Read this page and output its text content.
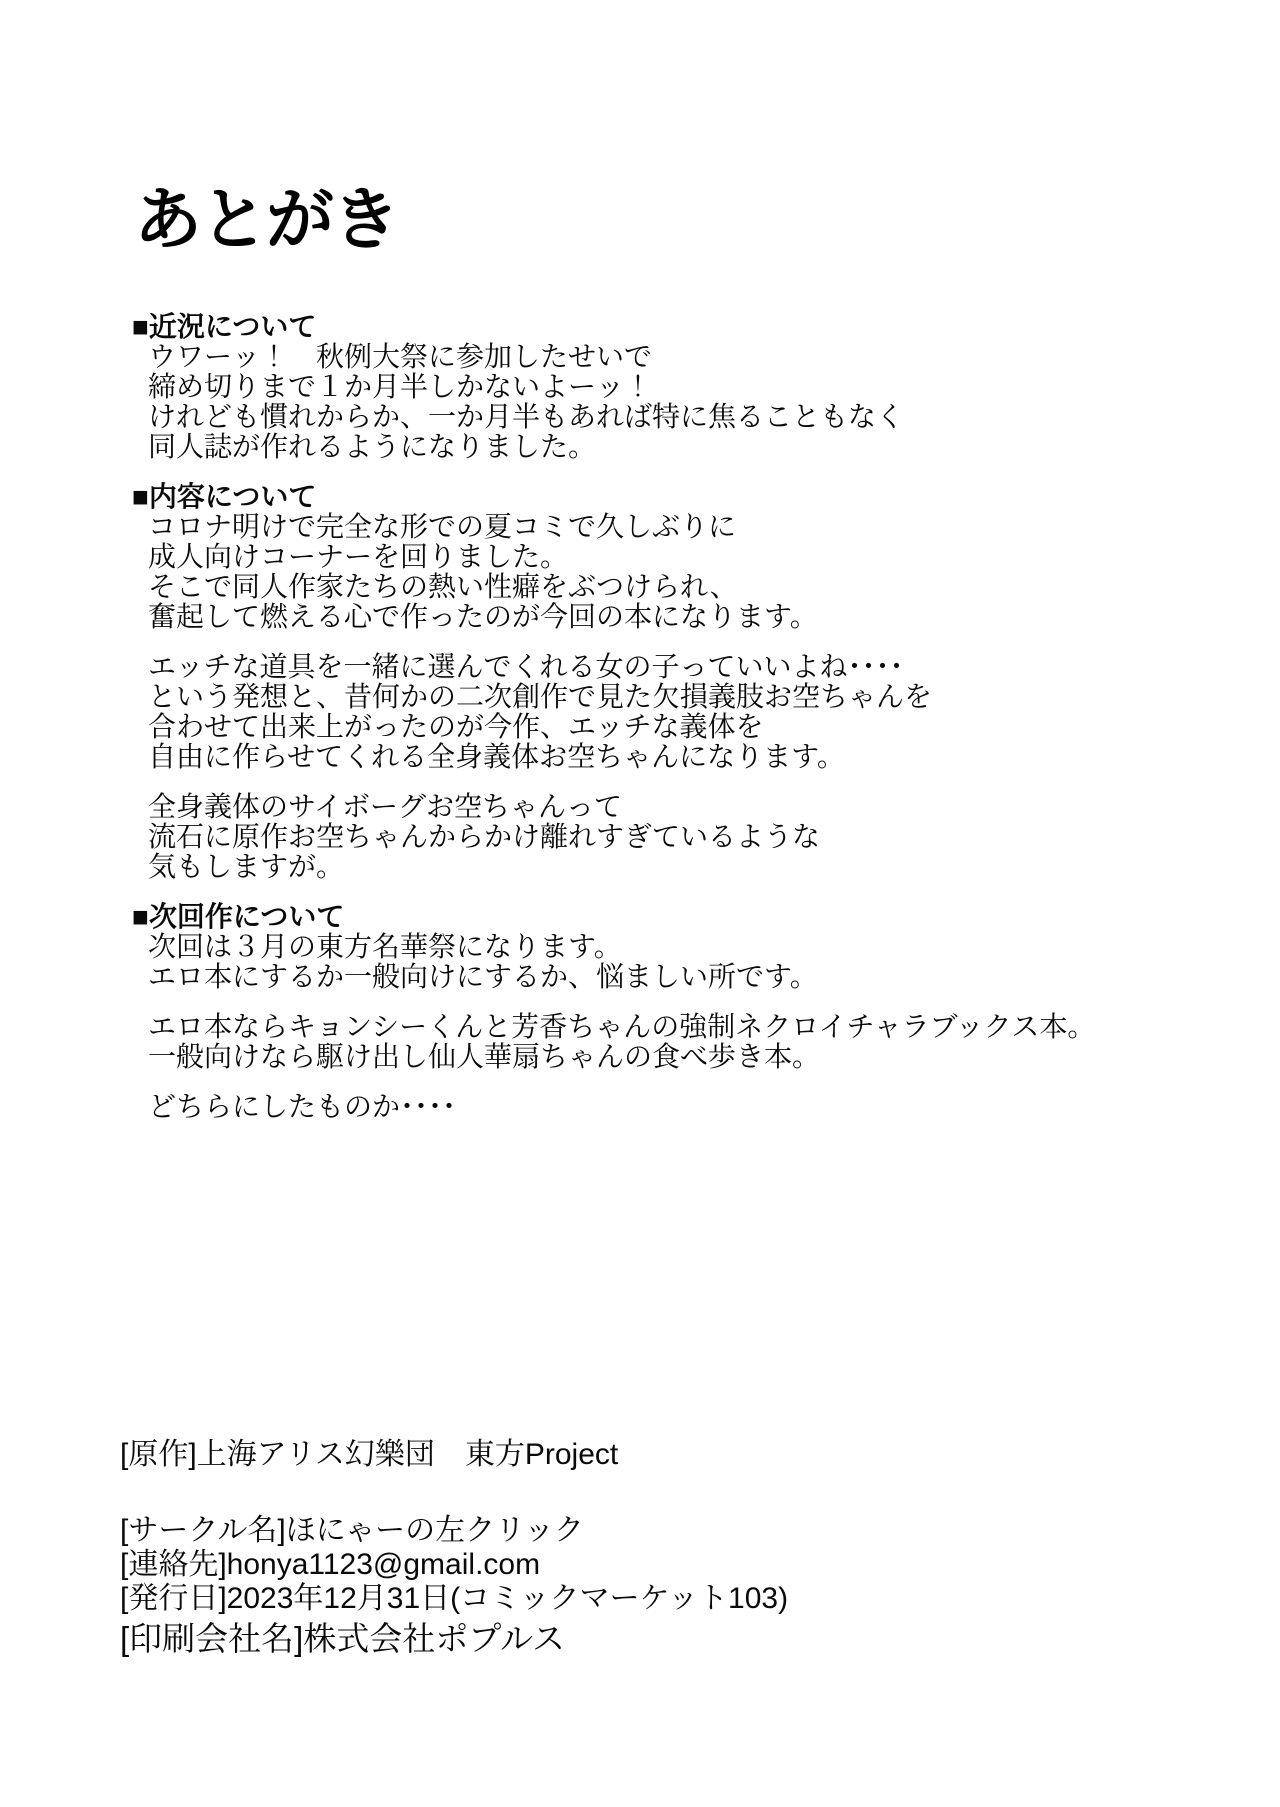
あとがき
■近況について
ウワーッ！　秋例大祭に参加したせいで
締め切りまで１か月半しかないよーッ！
けれども慣れからか、一か月半もあれば特に焦ることもなく
同人誌が作れるようになりました。
■内容について
コロナ明けで完全な形での夏コミで久しぶりに
成人向けコーナーを回りました。
そこで同人作家たちの熱い性癖をぶつけられ、
奮起して燃える心で作ったのが今回の本になります。
エッチな道具を一緒に選んでくれる女の子っていいよね････
という発想と、昔何かの二次創作で見た欠損義肢お空ちゃんを
合わせて出来上がったのが今作、エッチな義体を
自由に作らせてくれる全身義体お空ちゃんになります。
全身義体のサイボーグお空ちゃんって
流石に原作お空ちゃんからかけ離れすぎているような
気もしますが。
■次回作について
次回は３月の東方名華祭になります。
エロ本にするか一般向けにするか、悩ましい所です。
エロ本ならキョンシーくんと芳香ちゃんの強制ネクロイチャラブックス本。
一般向けなら駆け出し仙人華扇ちゃんの食べ歩き本。
どちらにしたものか････
[原作]上海アリス幻樂団　東方Project
[サークル名]ほにゃーの左クリック
[連絡先]honya1123@gmail.com
[発行日]2023年12月31日(コミックマーケット103)
[印刷会社名]株式会社ポプルス
